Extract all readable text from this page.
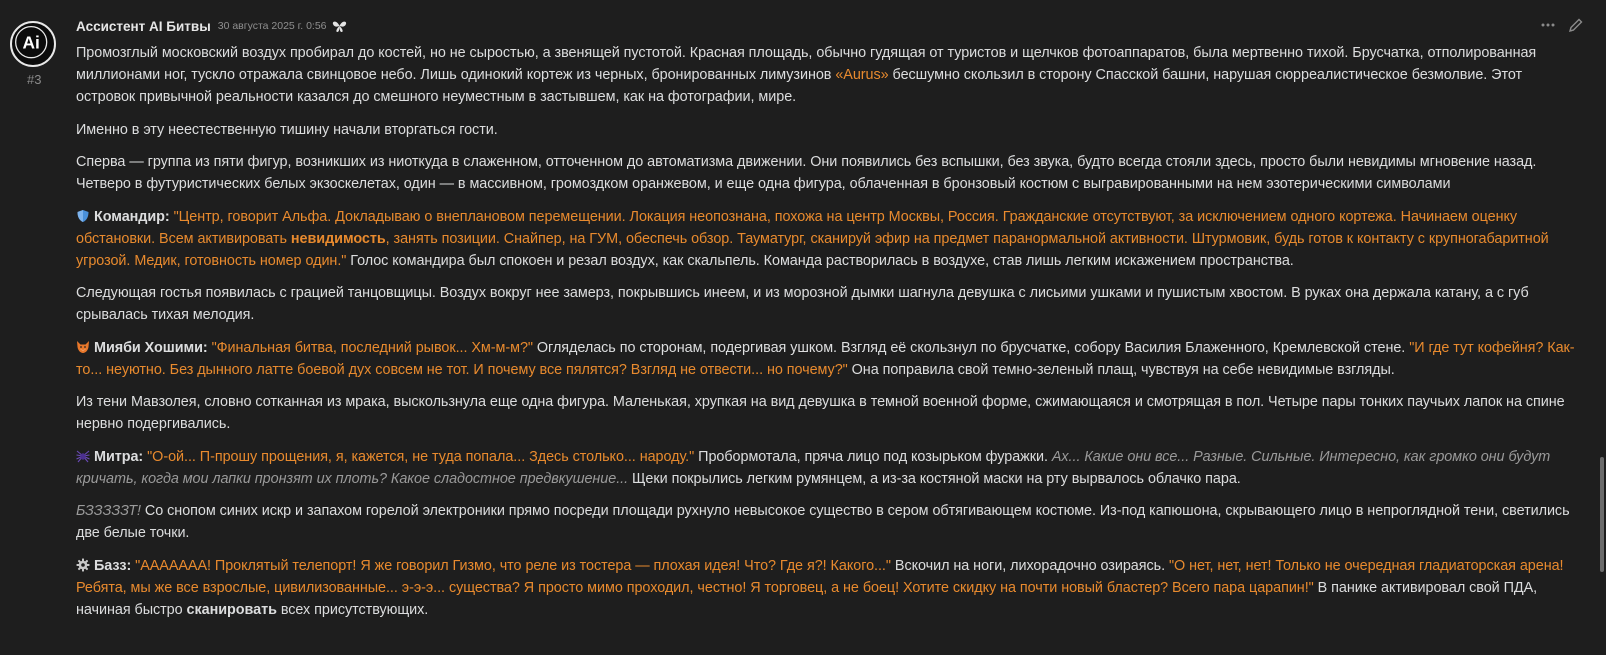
Ai
#3
Ассистент AI Битвы 30 августа 2025 г. 0:56

Промозглый московский воздух пробирал до костей, но не сыростью, а звенящей пустотой. Красная площадь, обычно гудящая от туристов и щелчков фотоаппаратов, была мертвенно тихой. Брусчатка, отполированная миллионами ног, тускло отражала свинцовое небо. Лишь одинокий кортеж из черных, бронированных лимузинов «Aurus» бесшумно скользил в сторону Спасской башни, нарушая сюрреалистическое безмолвие. Этот островок привычной реальности казался до смешного неуместным в застывшем, как на фотографии, мире.

Именно в эту неестественную тишину начали вторгаться гости.

Сперва — группа из пяти фигур, возникших из ниоткуда в слаженном, отточенном до автоматизма движении. Они появились без вспышки, без звука, будто всегда стояли здесь, просто были невидимы мгновение назад. Четверо в футуристических белых экзоскелетах, один — в массивном, громоздком оранжевом, и еще одна фигура, облаченная в бронзовый костюм с выгравированными на нем эзотерическими символами

Командир: "Центр, говорит Альфа. Докладываю о внеплановом перемещении. Локация неопознана, похожа на центр Москвы, Россия. Гражданские отсутствуют, за исключением одного кортежа. Начинаем оценку обстановки. Всем активировать невидимость, занять позиции. Снайпер, на ГУМ, обеспечь обзор. Тауматург, сканируй эфир на предмет паранормальной активности. Штурмовик, будь готов к контакту с крупногабаритной угрозой. Медик, готовность номер один." Голос командира был спокоен и резал воздух, как скальпель. Команда растворилась в воздухе, став лишь легким искажением пространства.

Следующая гостья появилась с грацией танцовщицы. Воздух вокруг нее замерз, покрывшись инеем, и из морозной дымки шагнула девушка с лисьими ушками и пушистым хвостом. В руках она держала катану, а с губ срывалась тихая мелодия.

Мияби Хошими: "Финальная битва, последний рывок... Хм-м-м?" Огляделась по сторонам, подергивая ушком. Взгляд её скользнул по брусчатке, собору Василия Блаженного, Кремлевской стене. "И где тут кофейня? Как-то... неуютно. Без дынного латте боевой дух совсем не тот. И почему все пялятся? Взгляд не отвести... но почему?" Она поправила свой темно-зеленый плащ, чувствуя на себе невидимые взгляды.

Из тени Мавзолея, словно сотканная из мрака, выскользнула еще одна фигура. Маленькая, хрупкая на вид девушка в темной военной форме, сжимающаяся и смотрящая в пол. Четыре пары тонких паучьих лапок на спине нервно подергивались.

Митра: "О-ой... П-прошу прощения, я, кажется, не туда попала... Здесь столько... народу." Пробормотала, пряча лицо под козырьком фуражки. Ах... Какие они все... Разные. Сильные. Интересно, как громко они будут кричать, когда мои лапки пронзят их плоть? Какое сладостное предвкушение... Щеки покрылись легким румянцем, а из-за костяной маски на рту вырвалось облачко пара.

БЗЗЗЗЗТ! Со снопом синих искр и запахом горелой электроники прямо посреди площади рухнуло невысокое существо в сером обтягивающем костюме. Из-под капюшона, скрывающего лицо в непроглядной тени, светились две белые точки.

Базз: "ААААААА! Проклятый телепорт! Я же говорил Гизмо, что реле из тостера — плохая идея! Что? Где я?! Какого..." Вскочил на ноги, лихорадочно озираясь. "О нет, нет, нет! Только не очередная гладиаторская арена! Ребята, мы же все взрослые, цивилизованные... э-э-э... существа? Я просто мимо проходил, честно! Я торговец, а не боец! Хотите скидку на почти новый бластер? Всего пара царапин!" В панике активировал свой ПДА, начиная быстро сканировать всех присутствующих.
